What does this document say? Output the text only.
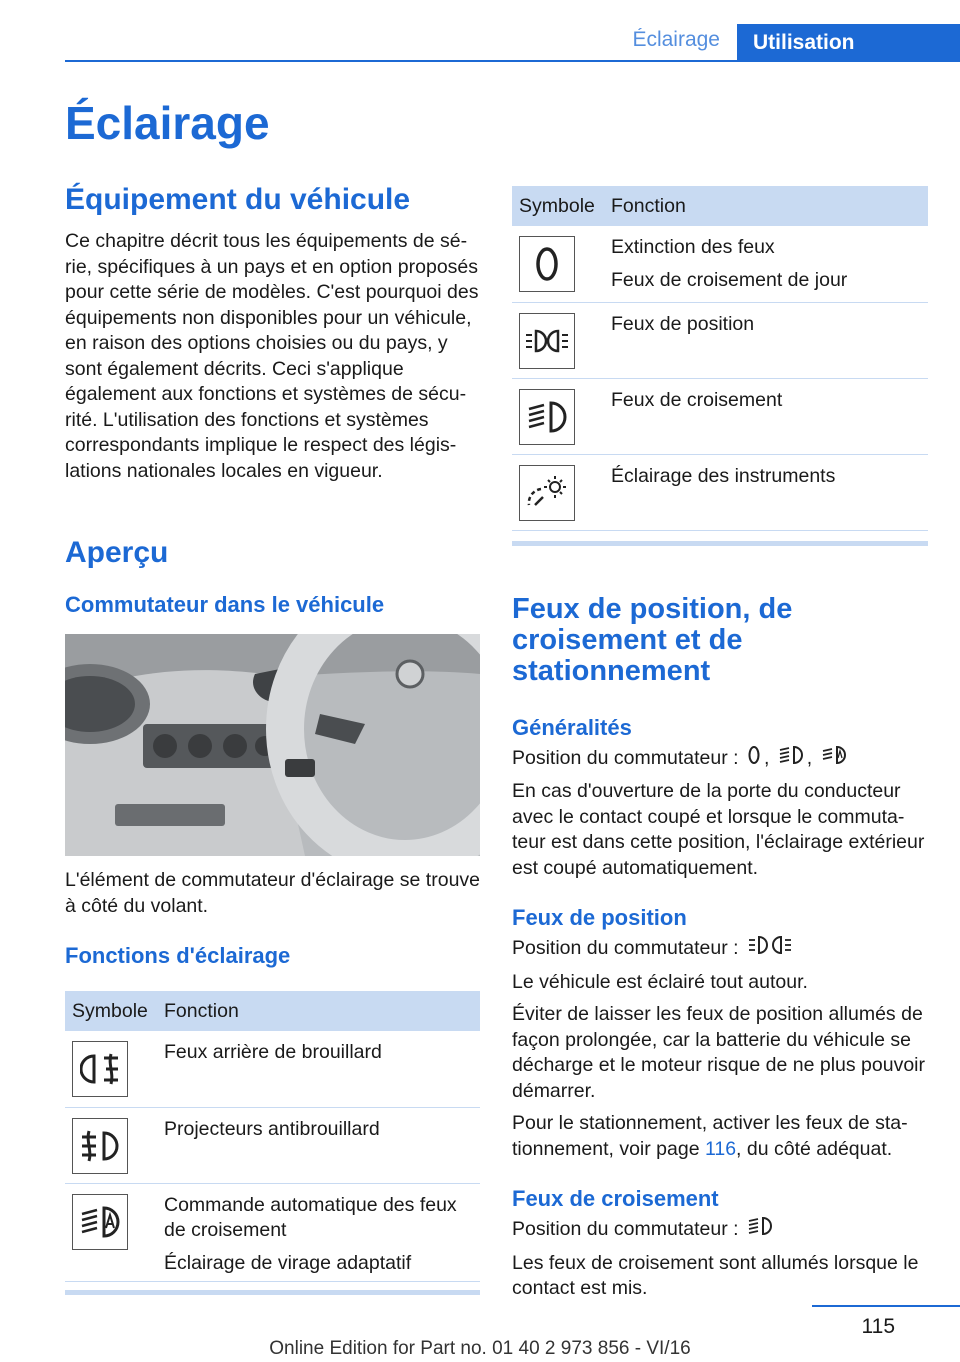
Éclairage	Utilisation
Éclairage
Équipement du véhicule
Ce chapitre décrit tous les équipements de série, spécifiques à un pays et en option proposés pour cette série de modèles. C'est pourquoi des équipements non disponibles pour un véhicule, en raison des options choisies ou du pays, y sont également décrits. Ceci s'applique également aux fonctions et systèmes de sécurité. L'utilisation des fonctions et systèmes correspondants implique le respect des législations nationales locales en vigueur.
Aperçu
Commutateur dans le véhicule
L'élément de commutateur d'éclairage se trouve à côté du volant.
Fonctions d'éclairage
Symbole	Fonction

Feux arrière de brouillard

Projecteurs antibrouillard

Commande automatique des feux de croisement
Éclairage de virage adaptatif
Symbole	Fonction

Extinction des feux
Feux de croisement de jour

Feux de position

Feux de croisement

Éclairage des instruments
Feux de position, de croisement et de stationnement
Généralités
Position du commutateur : , ,
En cas d'ouverture de la porte du conducteur avec le contact coupé et lorsque le commutateur est dans cette position, l'éclairage extérieur est coupé automatiquement.
Feux de position
Position du commutateur :
Le véhicule est éclairé tout autour.
Éviter de laisser les feux de position allumés de façon prolongée, car la batterie du véhicule se décharge et le moteur risque de ne plus pouvoir démarrer.
Pour le stationnement, activer les feux de stationnement, voir page 116, du côté adéquat.
Feux de croisement
Position du commutateur :
Les feux de croisement sont allumés lorsque le contact est mis.
115
Online Edition for Part no. 01 40 2 973 856 - VI/16
